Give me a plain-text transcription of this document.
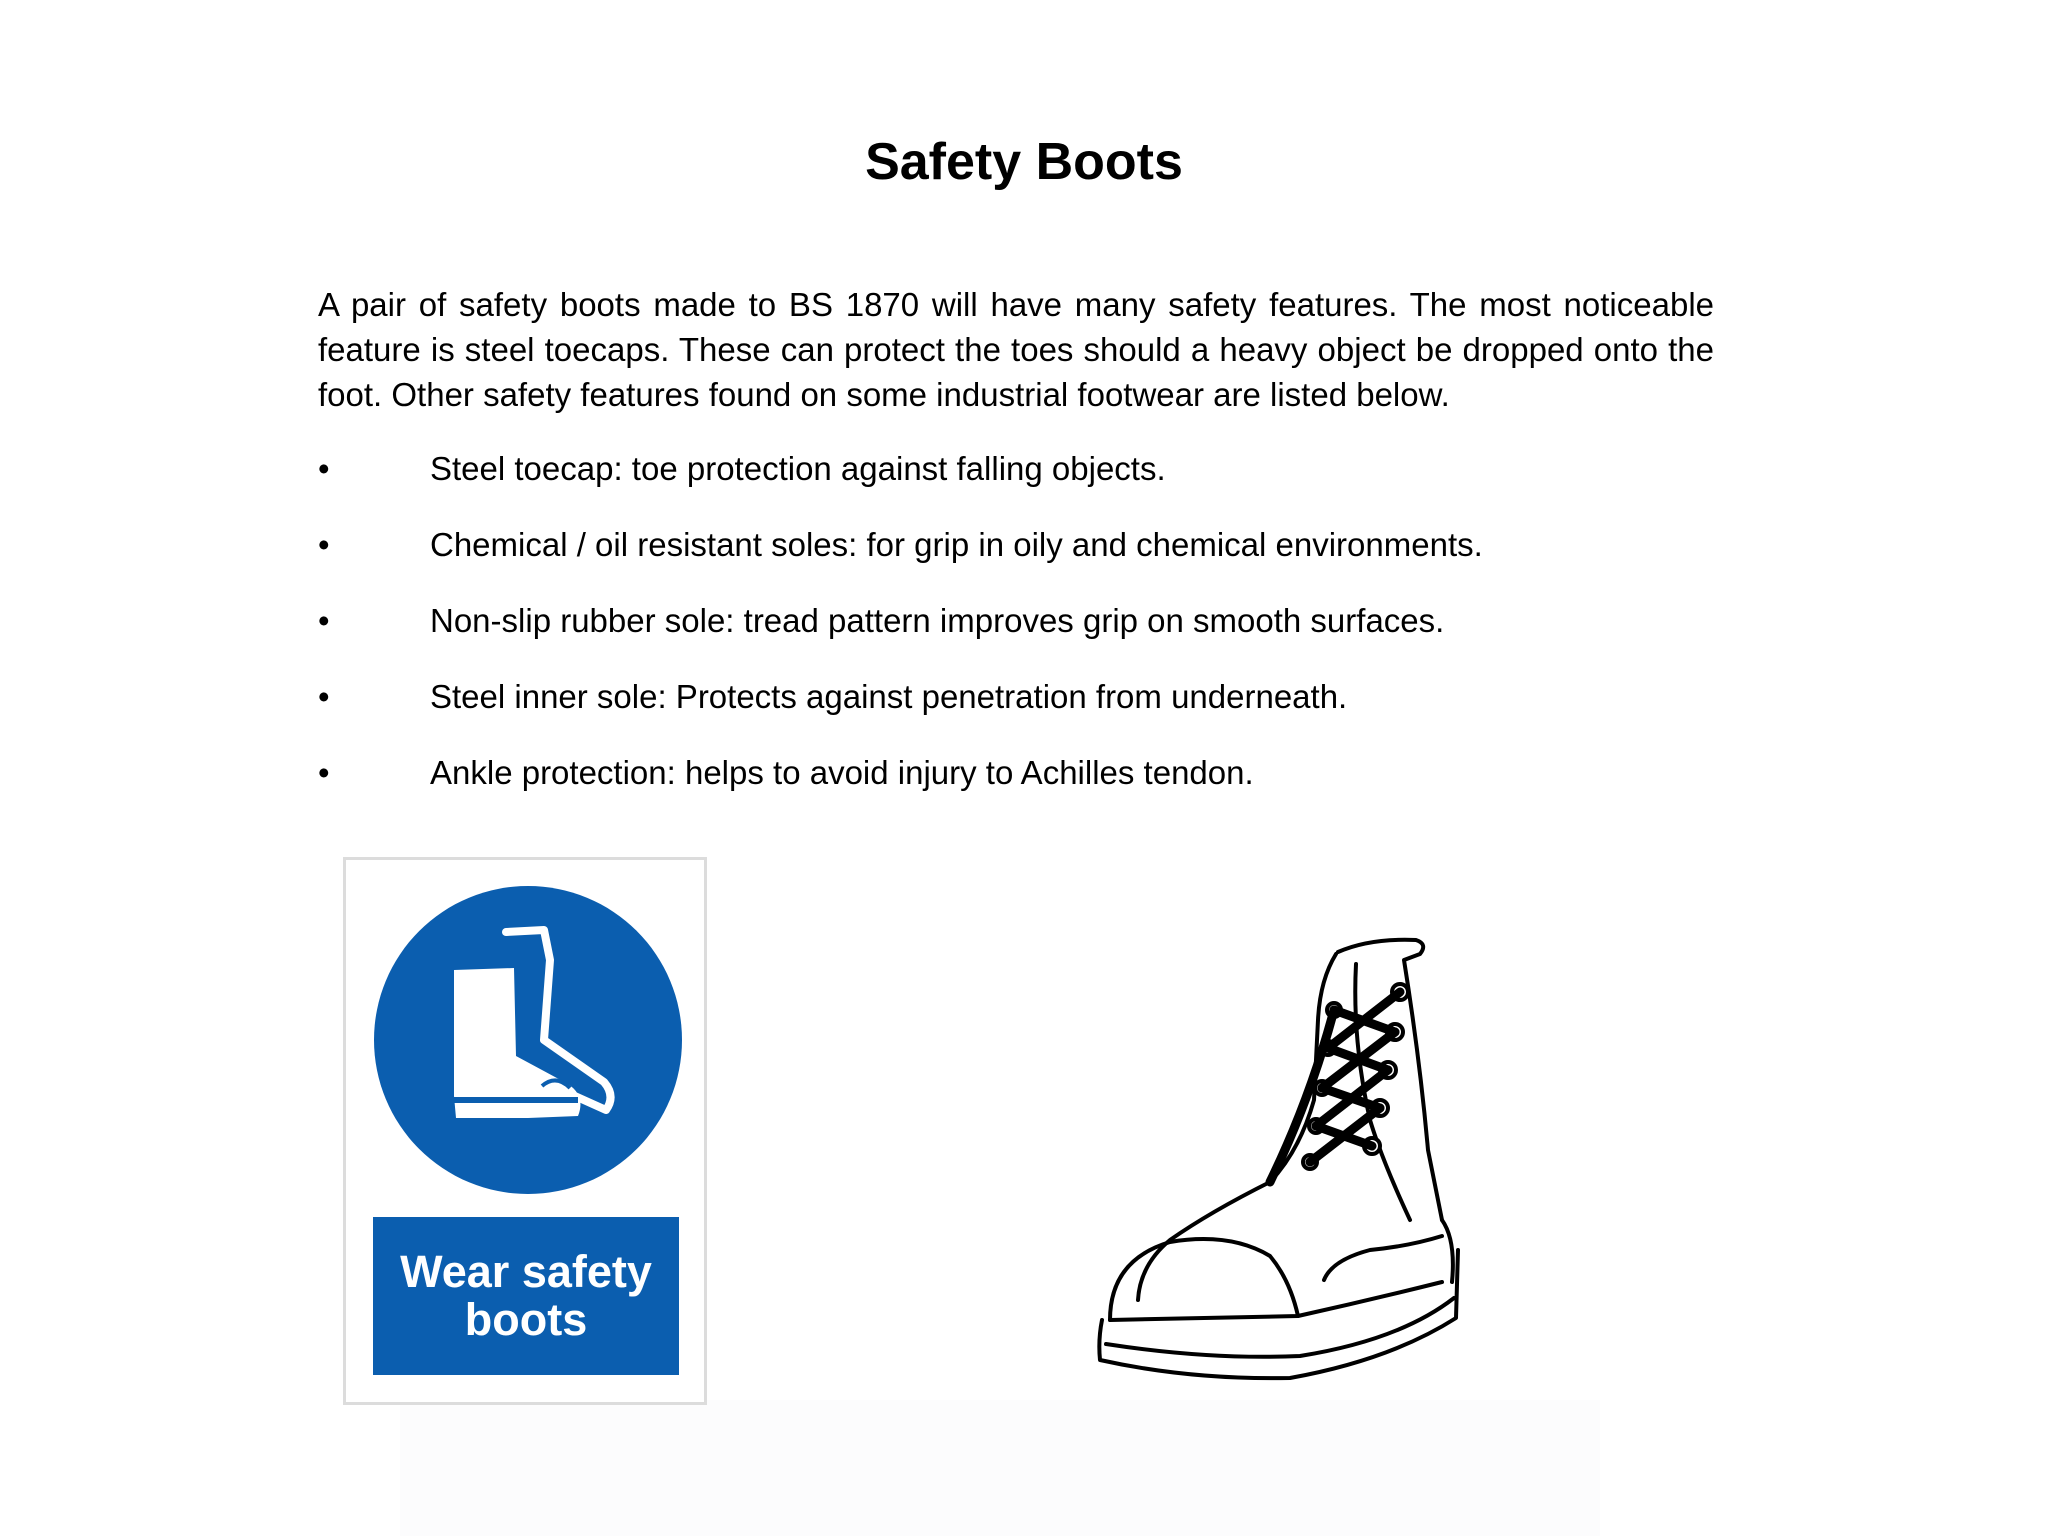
Safety Boots

A pair of safety boots made to BS 1870 will have many safety features. The most noticeable feature is steel toecaps. These can protect the toes should a heavy object be dropped onto the foot. Other safety features found on some industrial footwear are listed below.

•	Steel toecap: toe protection against falling objects.
•	Chemical / oil resistant soles: for grip in oily and chemical environments.
•	Non-slip rubber sole: tread pattern improves grip on smooth surfaces.
•	Steel inner sole: Protects against penetration from underneath.
•	Ankle protection: helps to avoid injury to Achilles tendon.
Wear safety boots
